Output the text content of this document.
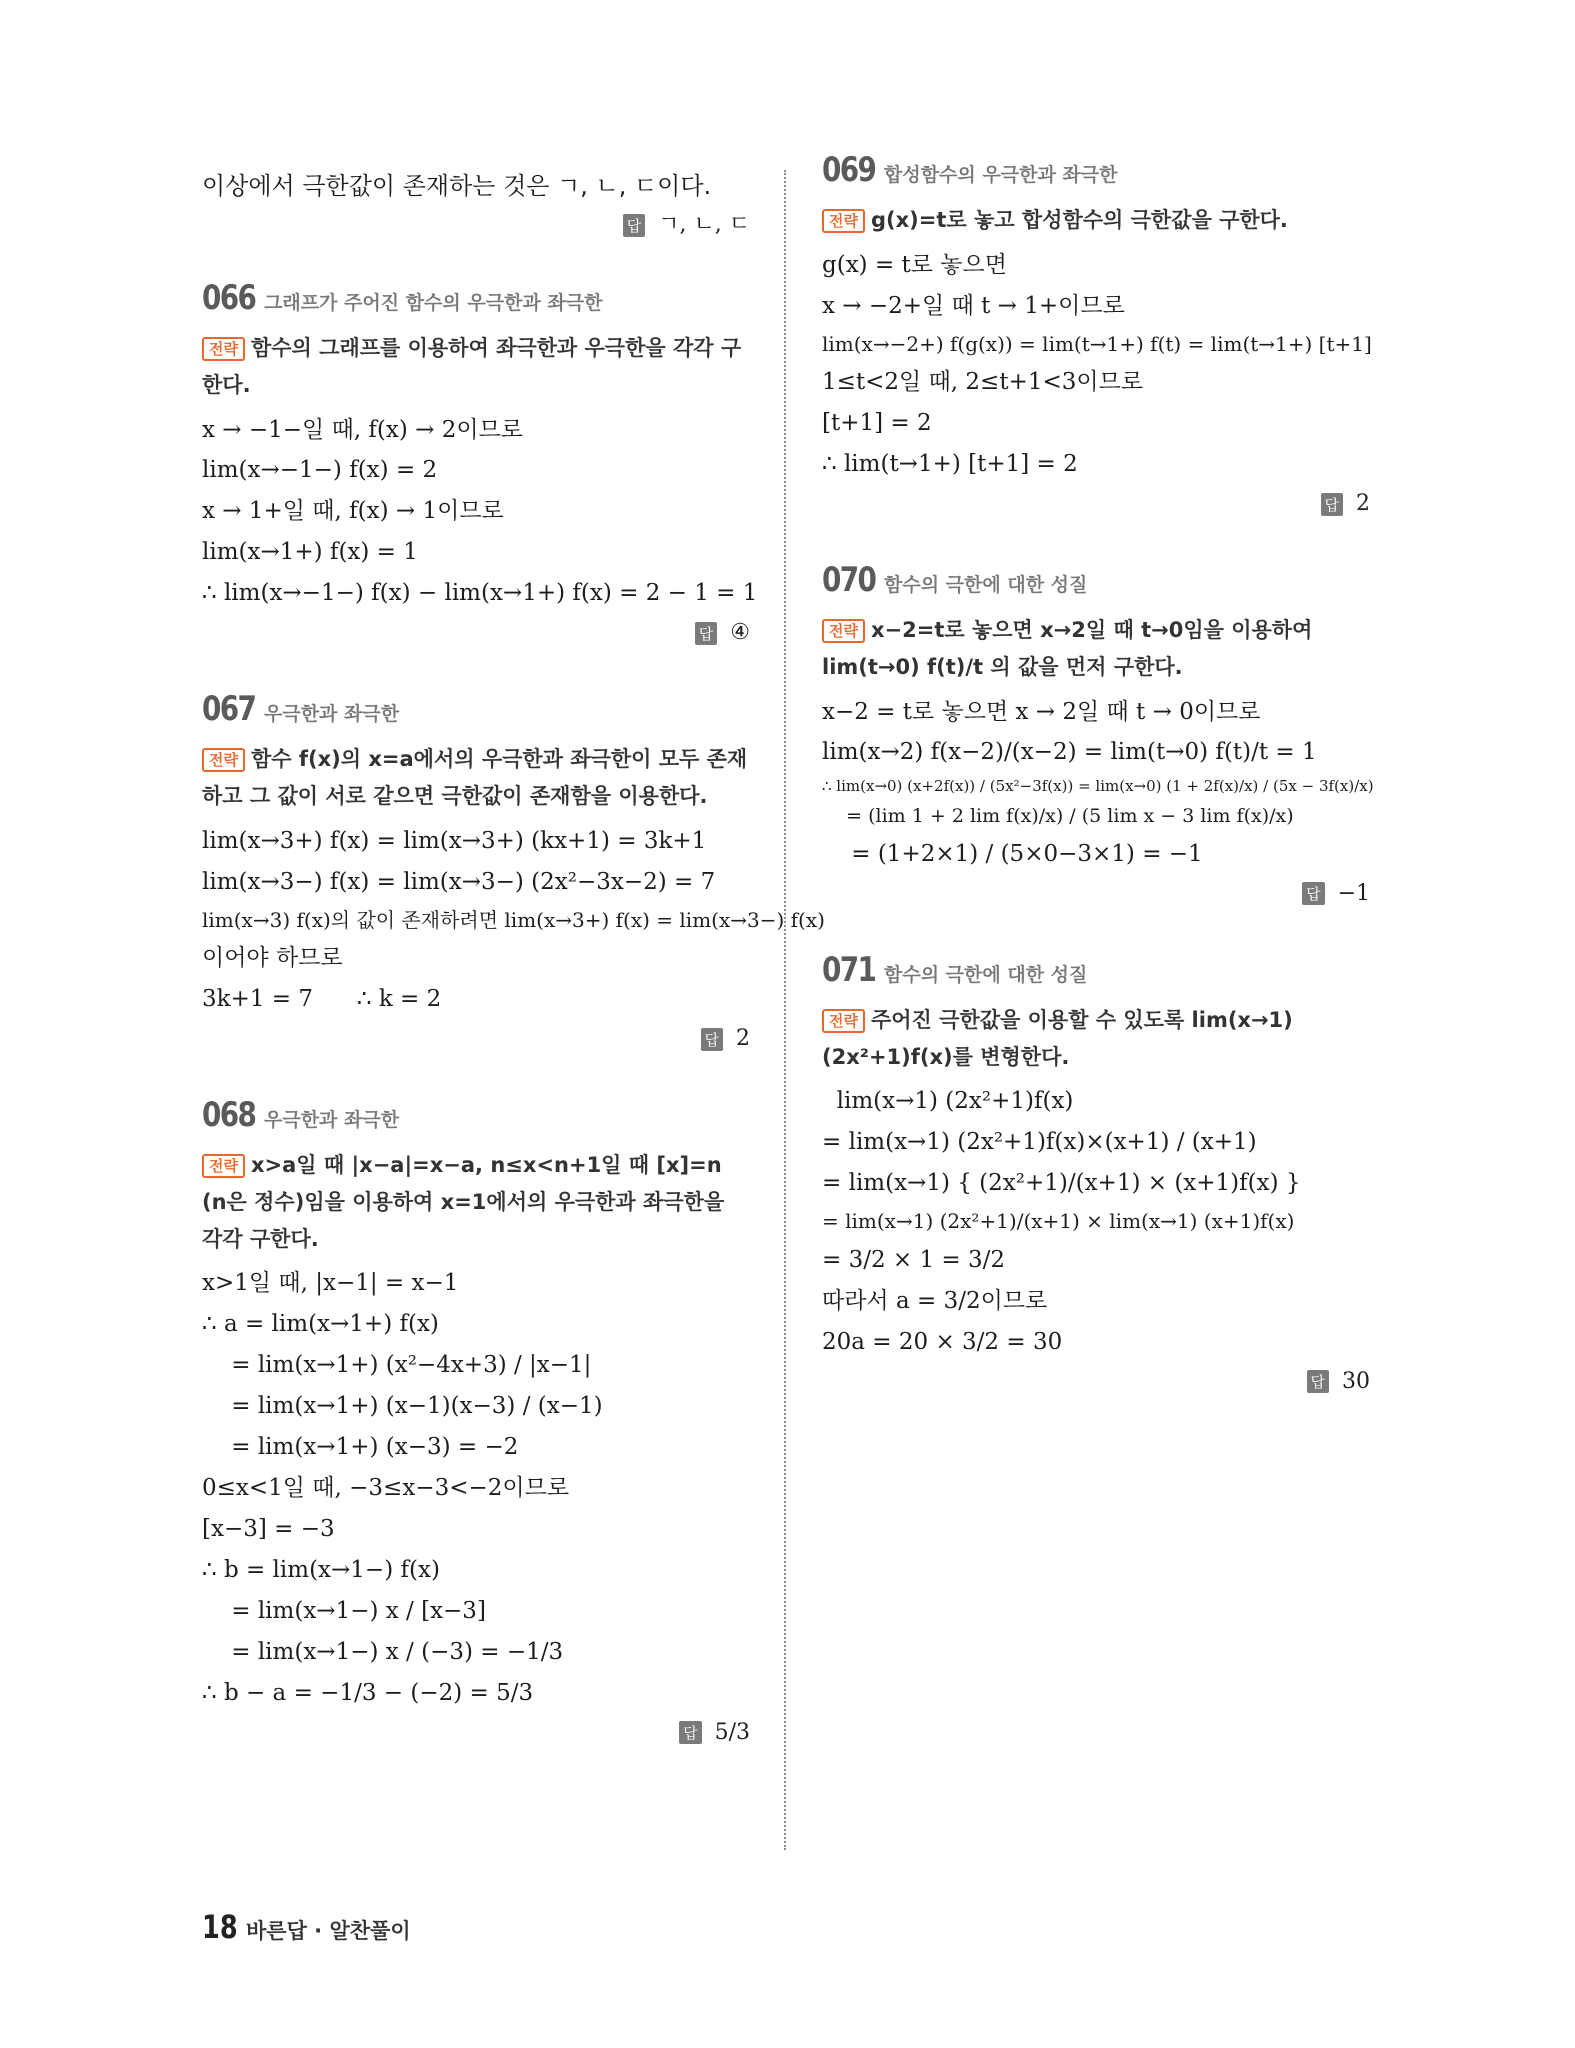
이상에서 극한값이 존재하는 것은 ㄱ, ㄴ, ㄷ이다.
답 ㄱ, ㄴ, ㄷ
066 그래프가 주어진 함수의 우극한과 좌극한
전략 함수의 그래프를 이용하여 좌극한과 우극한을 각각 구한다.
x → −1−일 때, f(x) → 2이므로
lim(x→−1−) f(x) = 2
x → 1+일 때, f(x) → 1이므로
lim(x→1+) f(x) = 1
∴ lim(x→−1−) f(x) − lim(x→1+) f(x) = 2 − 1 = 1
답 ④
067 우극한과 좌극한
전략 함수 f(x)의 x=a에서의 우극한과 좌극한이 모두 존재하고 그 값이 서로 같으면 극한값이 존재함을 이용한다.
lim(x→3+) f(x) = lim(x→3+) (kx+1) = 3k+1
lim(x→3−) f(x) = lim(x→3−) (2x²−3x−2) = 7
lim(x→3) f(x)의 값이 존재하려면 lim(x→3+) f(x) = lim(x→3−) f(x)
이어야 하므로
3k+1 = 7      ∴ k = 2
답 2
068 우극한과 좌극한
전략 x>a일 때 |x−a|=x−a, n≤x<n+1일 때 [x]=n (n은 정수)임을 이용하여 x=1에서의 우극한과 좌극한을 각각 구한다.
x>1일 때, |x−1| = x−1
∴ a = lim(x→1+) f(x)
= lim(x→1+) (x²−4x+3) / |x−1|
= lim(x→1+) (x−1)(x−3) / (x−1)
= lim(x→1+) (x−3) = −2
0≤x<1일 때, −3≤x−3<−2이므로
[x−3] = −3
∴ b = lim(x→1−) f(x)
= lim(x→1−) x / [x−3]
= lim(x→1−) x / (−3) = −1/3
∴ b − a = −1/3 − (−2) = 5/3
답 5/3
069 합성함수의 우극한과 좌극한
전략 g(x)=t로 놓고 합성함수의 극한값을 구한다.
g(x) = t로 놓으면
x → −2+일 때 t → 1+이므로
lim(x→−2+) f(g(x)) = lim(t→1+) f(t) = lim(t→1+) [t+1]
1≤t<2일 때, 2≤t+1<3이므로
[t+1] = 2
∴ lim(t→1+) [t+1] = 2
답 2
070 함수의 극한에 대한 성질
전략 x−2=t로 놓으면 x→2일 때 t→0임을 이용하여 lim(t→0) f(t)/t 의 값을 먼저 구한다.
x−2 = t로 놓으면 x → 2일 때 t → 0이므로
lim(x→2) f(x−2)/(x−2) = lim(t→0) f(t)/t = 1
∴ lim(x→0) (x+2f(x)) / (5x²−3f(x)) = lim(x→0) (1 + 2f(x)/x) / (5x − 3f(x)/x)
= (lim 1 + 2 lim f(x)/x) / (5 lim x − 3 lim f(x)/x)
= (1+2×1) / (5×0−3×1) = −1
답 −1
071 함수의 극한에 대한 성질
전략 주어진 극한값을 이용할 수 있도록 lim(x→1) (2x²+1)f(x)를 변형한다.
lim(x→1) (2x²+1)f(x)
= lim(x→1) (2x²+1)f(x)×(x+1) / (x+1)
= lim(x→1) { (2x²+1)/(x+1) × (x+1)f(x) }
= lim(x→1) (2x²+1)/(x+1) × lim(x→1) (x+1)f(x)
= 3/2 × 1 = 3/2
따라서 a = 3/2이므로
20a = 20 × 3/2 = 30
답 30
18 바른답 · 알찬풀이
